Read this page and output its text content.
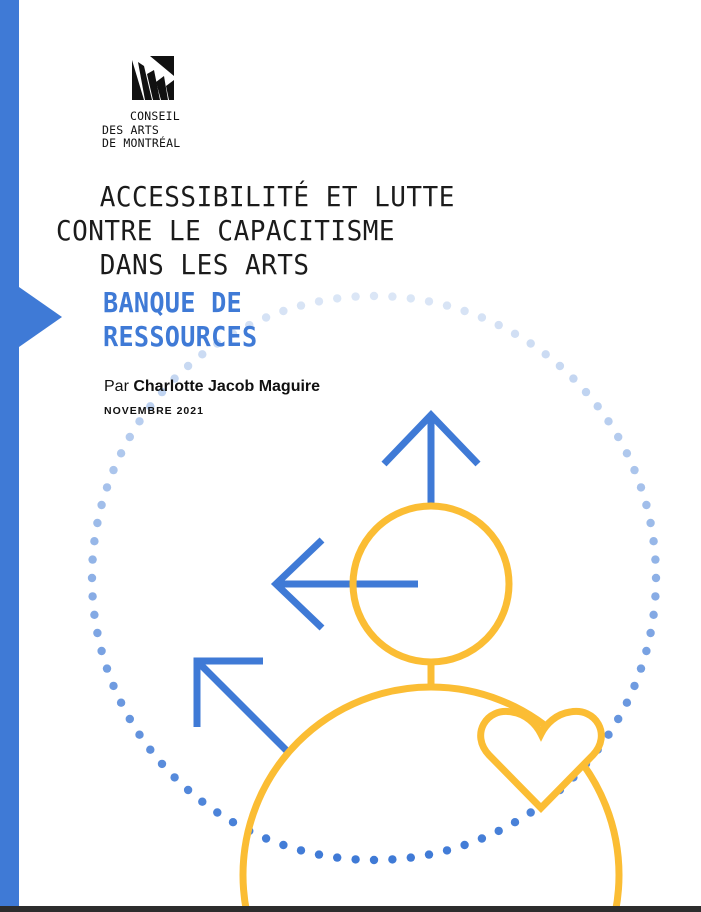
CONSEIL
DES ARTS
DE MONTRÉAL
ACCESSIBILITÉ ET LUTTE
CONTRE LE CAPACITISME
DANS LES ARTS
BANQUE DE
RESSOURCES
Par Charlotte Jacob Maguire
NOVEMBRE 2021
